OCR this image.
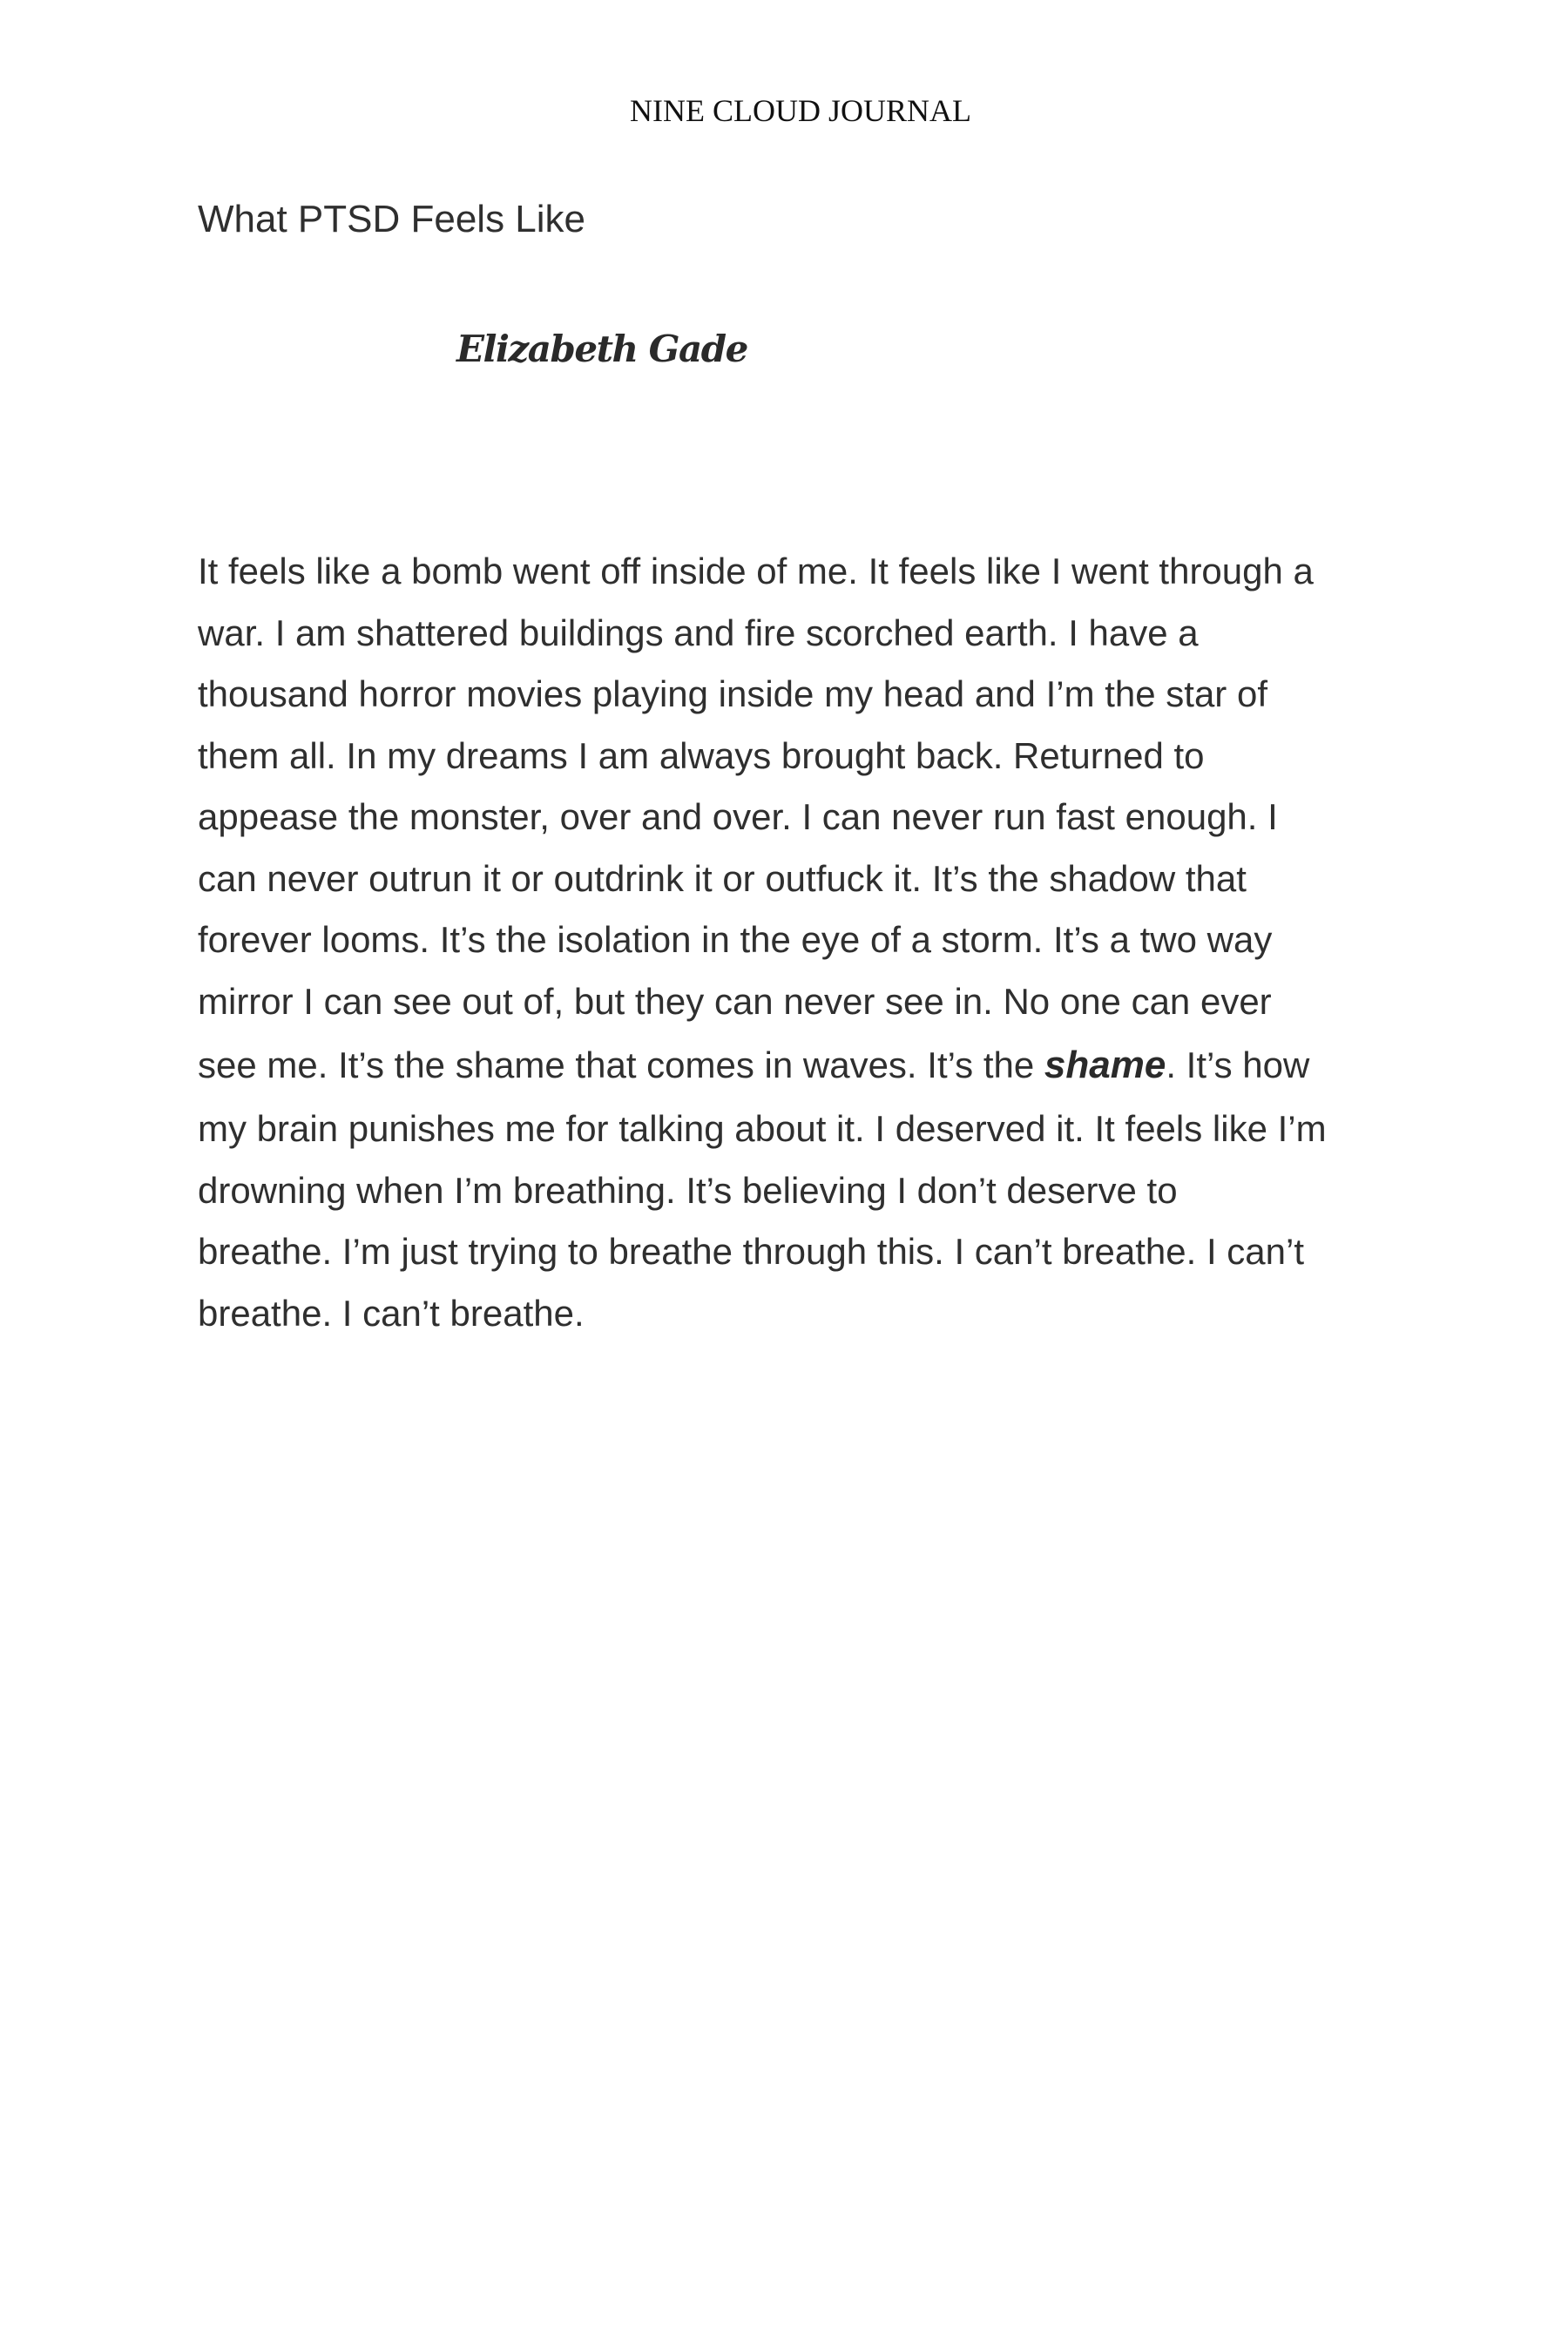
NINE CLOUD JOURNAL
What PTSD Feels Like
Elizabeth Gade
It feels like a bomb went off inside of me. It feels like I went through a
war. I am shattered buildings and fire scorched earth. I have a
thousand horror movies playing inside my head and I’m the star of
them all. In my dreams I am always brought back. Returned to
appease the monster, over and over. I can never run fast enough. I
can never outrun it or outdrink it or outfuck it. It’s the shadow that
forever looms. It’s the isolation in the eye of a storm. It’s a two way
mirror I can see out of, but they can never see in. No one can ever
see me. It’s the shame that comes in waves. It’s the shame. It’s how
my brain punishes me for talking about it. I deserved it. It feels like I’m
drowning when I’m breathing. It’s believing I don’t deserve to
breathe. I’m just trying to breathe through this. I can’t breathe. I can’t
breathe. I can’t breathe.
